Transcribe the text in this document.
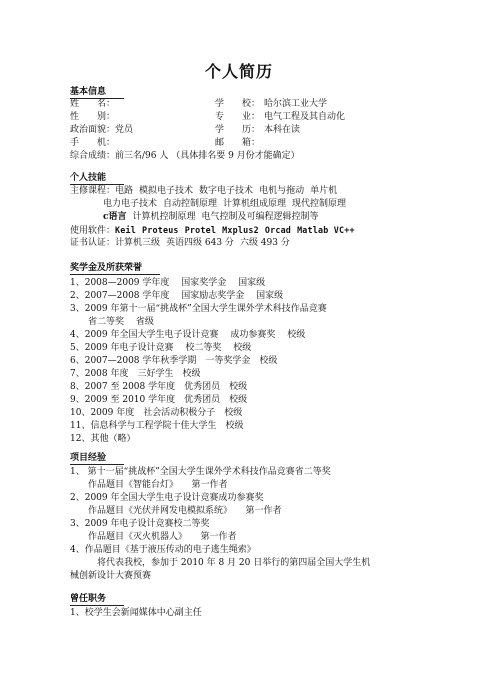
个人简历
基本信息
姓　　名：	学　　校： 哈尔滨工业大学
性　　别：	专　　业： 电气工程及其自动化
政治面貌： 党员	学　　历： 本科在读
手　　机：	邮　　箱：
综合成绩：前三名/96 人 （具体排名要 9 月份才能确定）
个人技能
主修课程：电路 模拟电子技术 数字电子技术 电机与拖动 单片机
电力电子技术 自动控制原理 计算机组成原理 现代控制原理
c语言 计算机控制原理 电气控制及可编程逻辑控制等
使用软件：Keil Proteus Protel Mxplus2 Orcad Matlab VC++
证书认证：计算机三级 英语四级 643 分 六级 493 分
奖学金及所获荣誉
1、2008—2009 学年度　 国家奖学金　 国家级
2、2007—2008 学年度　 国家励志奖学金　 国家级
3、2009 年第十一届“挑战杯”全国大学生课外学术科技作品竞赛
　　省二等奖　 省级
4、2009 年全国大学生电子设计竞赛　 成功参赛奖　 校级
5、2009 年电子设计竞赛　 校二等奖　 校级
6、2007—2008 学年秋季学期　一等奖学金　校级
7、2008 年度　三好学生　校级
8、2007 至 2008 学年度　优秀团员　校级
9、2009 至 2010 学年度　优秀团员　校级
10、2009 年度　社会活动积极分子　校级
11、信息科学与工程学院十佳大学生　校级
12、其他（略）
项目经验
1、 第十一届“挑战杯”全国大学生课外学术科技作品竞赛省二等奖
　　作品题目《智能台灯》　　第一作者
2、2009 年全国大学生电子设计竞赛成功参赛奖
　　作品题目《光伏并网发电模拟系统》　　第一作者
3、2009 年电子设计竞赛校二等奖
　　作品题目《灭火机器人》　　第一作者
4、作品题目《基于液压传动的电子逃生绳索》
　　　将代表我校，参加于 2010 年 8 月 20 日举行的第四届全国大学生机
械创新设计大赛预赛
曾任职务
1、校学生会新闻媒体中心副主任
